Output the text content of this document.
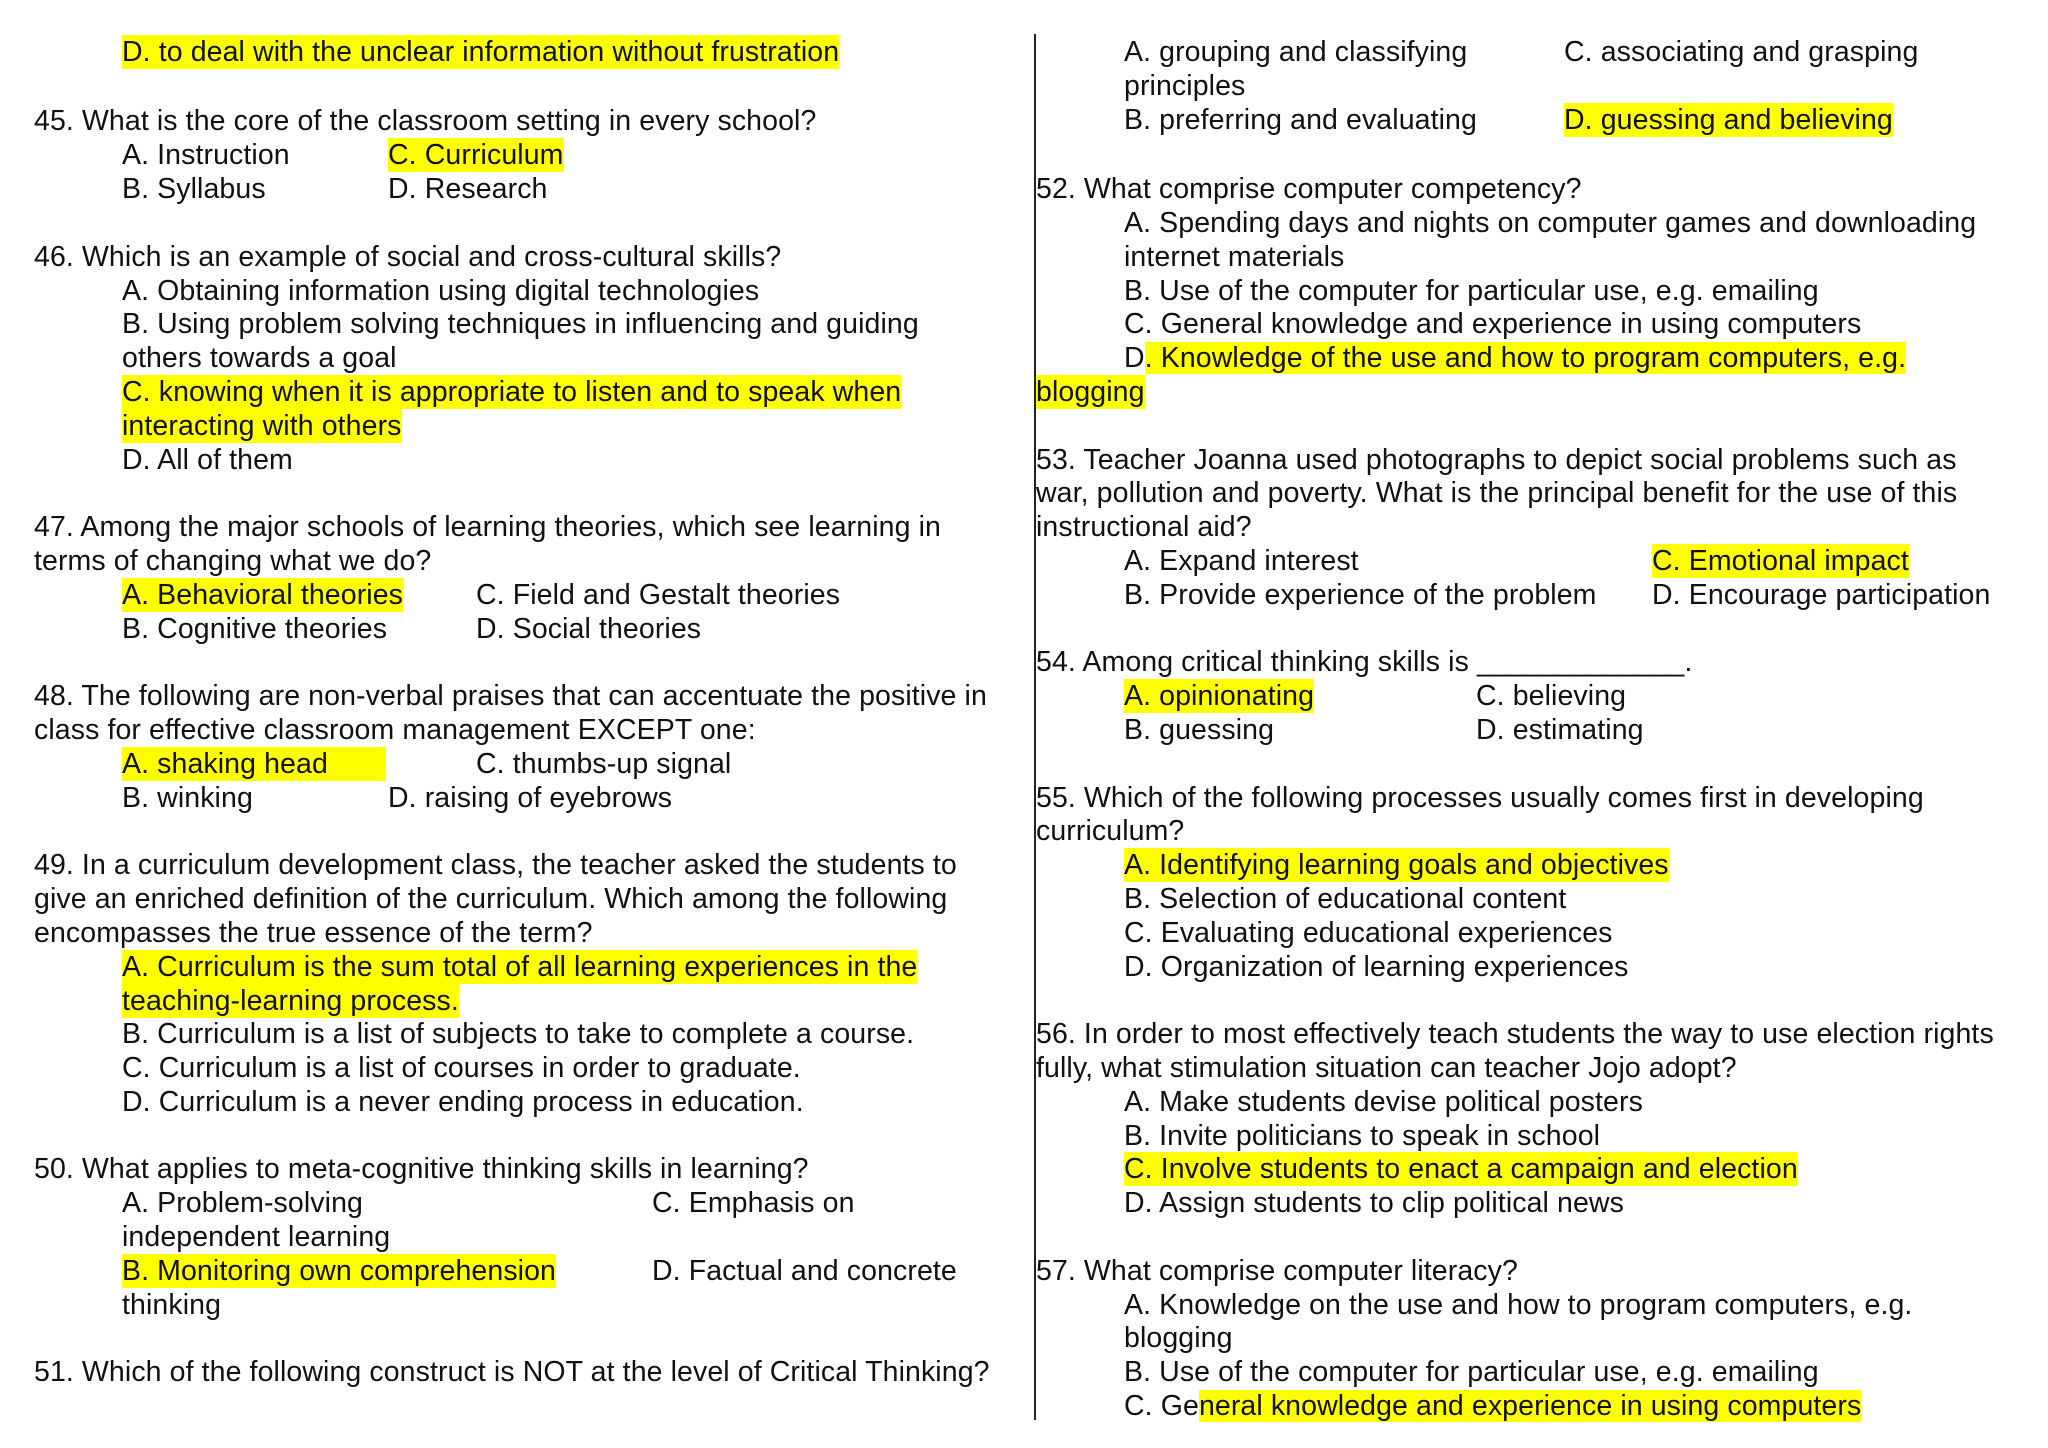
D. to deal with the unclear information without frustration
45. What is the core of the classroom setting in every school?
A. Instruction	C. Curriculum
B. Syllabus	D. Research
46. Which is an example of social and cross-cultural skills?
A. Obtaining information using digital technologies
B. Using problem solving techniques in influencing and guiding
others towards a goal
C. knowing when it is appropriate to listen and to speak when
interacting with others
D. All of them
47. Among the major schools of learning theories, which see learning in
terms of changing what we do?
A. Behavioral theories	C. Field and Gestalt theories
B. Cognitive theories	D. Social theories
48. The following are non-verbal praises that can accentuate the positive in
class for effective classroom management EXCEPT one:
A. shaking head	C. thumbs-up signal
B. winking	D. raising of eyebrows
49. In a curriculum development class, the teacher asked the students to
give an enriched definition of the curriculum. Which among the following
encompasses the true essence of the term?
A. Curriculum is the sum total of all learning experiences in the
teaching-learning process.
B. Curriculum is a list of subjects to take to complete a course.
C. Curriculum is a list of courses in order to graduate.
D. Curriculum is a never ending process in education.
50. What applies to meta-cognitive thinking skills in learning?
A. Problem-solving	C. Emphasis on
independent learning
B. Monitoring own comprehension	D. Factual and concrete
thinking
51. Which of the following construct is NOT at the level of Critical Thinking?
A. grouping and classifying	C. associating and grasping
principles
B. preferring and evaluating	D. guessing and believing
52. What comprise computer competency?
A. Spending days and nights on computer games and downloading
internet materials
B. Use of the computer for particular use, e.g. emailing
C. General knowledge and experience in using computers
D. Knowledge of the use and how to program computers, e.g.
blogging
53. Teacher Joanna used photographs to depict social problems such as
war, pollution and poverty. What is the principal benefit for the use of this
instructional aid?
A. Expand interest	C. Emotional impact
B. Provide experience of the problem D. Encourage participation
54. Among critical thinking skills is _____________.
A. opinionating	C. believing
B. guessing	D. estimating
55. Which of the following processes usually comes first in developing
curriculum?
A. Identifying learning goals and objectives
B. Selection of educational content
C. Evaluating educational experiences
D. Organization of learning experiences
56. In order to most effectively teach students the way to use election rights
fully, what stimulation situation can teacher Jojo adopt?
A. Make students devise political posters
B. Invite politicians to speak in school
C. Involve students to enact a campaign and election
D. Assign students to clip political news
57. What comprise computer literacy?
A. Knowledge on the use and how to program computers, e.g.
blogging
B. Use of the computer for particular use, e.g. emailing
C. General knowledge and experience in using computers
